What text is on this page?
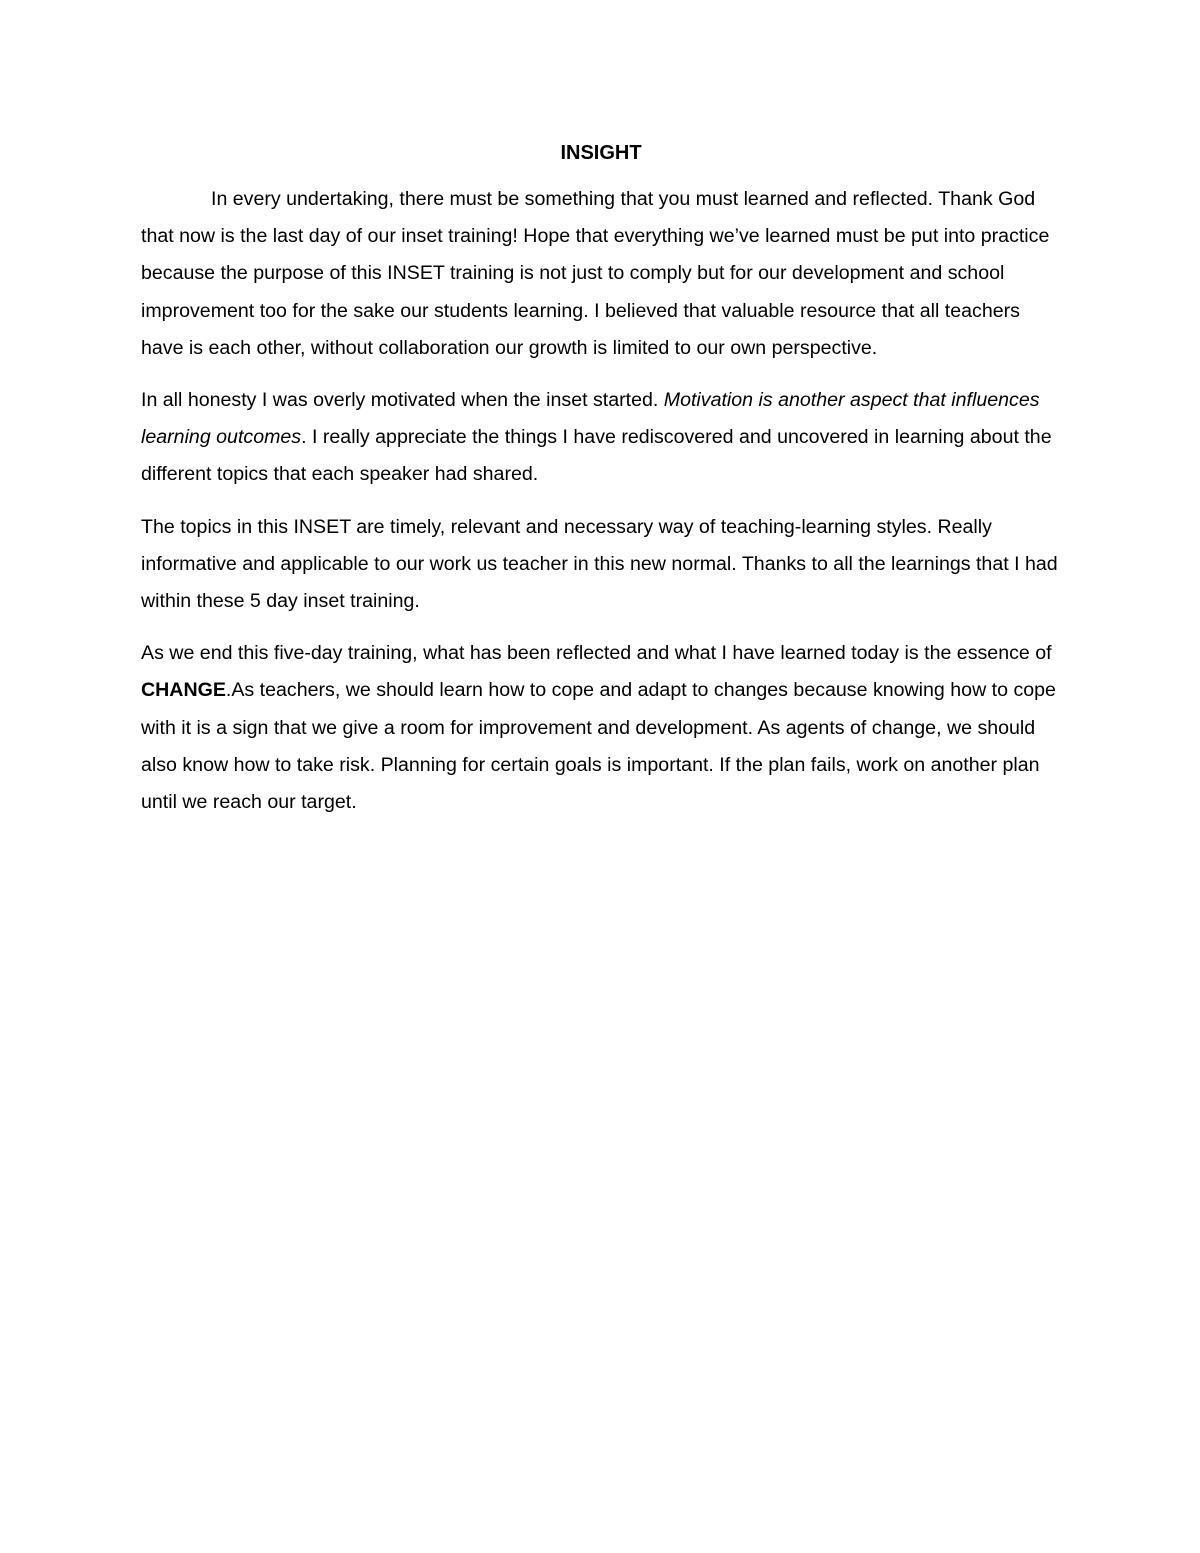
INSIGHT

In every undertaking, there must be something that you must learned and reflected. Thank God that now is the last day of our inset training! Hope that everything we’ve learned must be put into practice because the purpose of this INSET training is not just to comply but for our development and school improvement too for the sake our students learning. I believed that valuable resource that all teachers have is each other, without collaboration our growth is limited to our own perspective.

In all honesty I was overly motivated when the inset started. Motivation is another aspect that influences learning outcomes. I really appreciate the things I have rediscovered and uncovered in learning about the different topics that each speaker had shared.

The topics in this INSET are timely, relevant and necessary way of teaching-learning styles. Really informative and applicable to our work us teacher in this new normal. Thanks to all the learnings that I had within these 5 day inset training.

As we end this five-day training, what has been reflected and what I have learned today is the essence of CHANGE.As teachers, we should learn how to cope and adapt to changes because knowing how to cope with it is a sign that we give a room for improvement and development. As agents of change, we should also know how to take risk. Planning for certain goals is important. If the plan fails, work on another plan until we reach our target.
